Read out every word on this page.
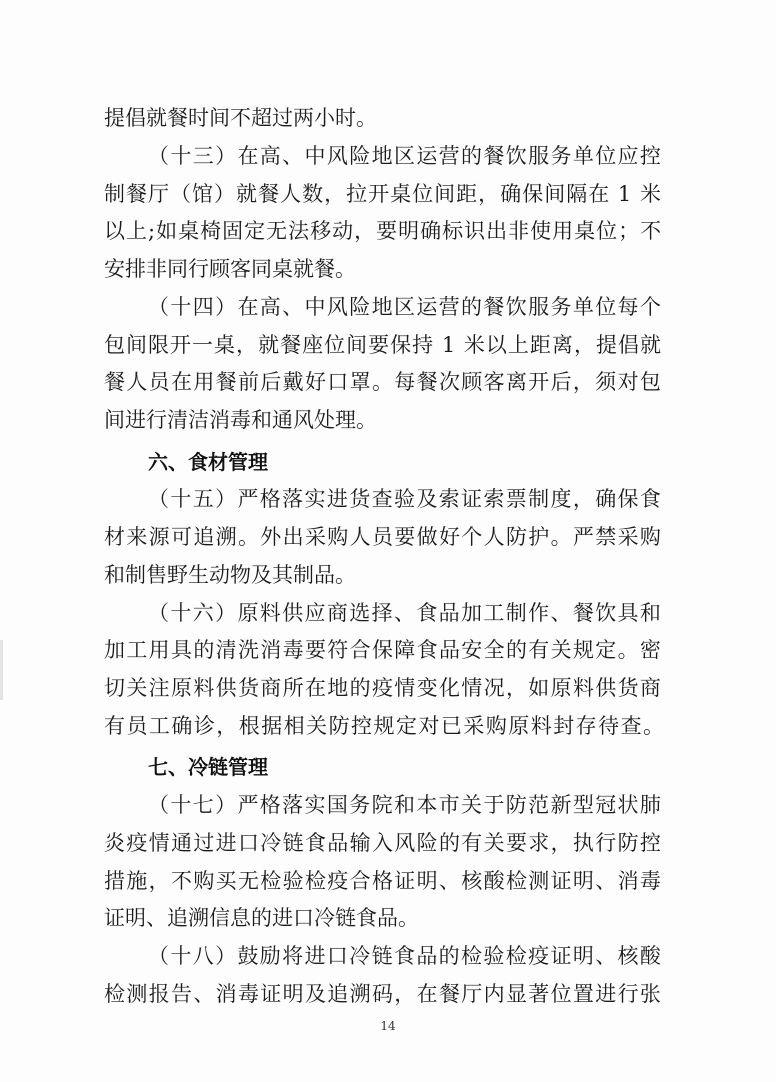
提倡就餐时间不超过两小时。
（十三）在高、中风险地区运营的餐饮服务单位应控
制餐厅（馆）就餐人数，拉开桌位间距，确保间隔在 1 米
以上;如桌椅固定无法移动，要明确标识出非使用桌位；不
安排非同行顾客同桌就餐。
（十四）在高、中风险地区运营的餐饮服务单位每个
包间限开一桌，就餐座位间要保持 1 米以上距离，提倡就
餐人员在用餐前后戴好口罩。每餐次顾客离开后，须对包
间进行清洁消毒和通风处理。
六、食材管理
（十五）严格落实进货查验及索证索票制度，确保食
材来源可追溯。外出采购人员要做好个人防护。严禁采购
和制售野生动物及其制品。
（十六）原料供应商选择、食品加工制作、餐饮具和
加工用具的清洗消毒要符合保障食品安全的有关规定。密
切关注原料供货商所在地的疫情变化情况，如原料供货商
有员工确诊，根据相关防控规定对已采购原料封存待查。
七、冷链管理
（十七）严格落实国务院和本市关于防范新型冠状肺
炎疫情通过进口冷链食品输入风险的有关要求，执行防控
措施，不购买无检验检疫合格证明、核酸检测证明、消毒
证明、追溯信息的进口冷链食品。
（十八）鼓励将进口冷链食品的检验检疫证明、核酸
检测报告、消毒证明及追溯码，在餐厅内显著位置进行张
14
